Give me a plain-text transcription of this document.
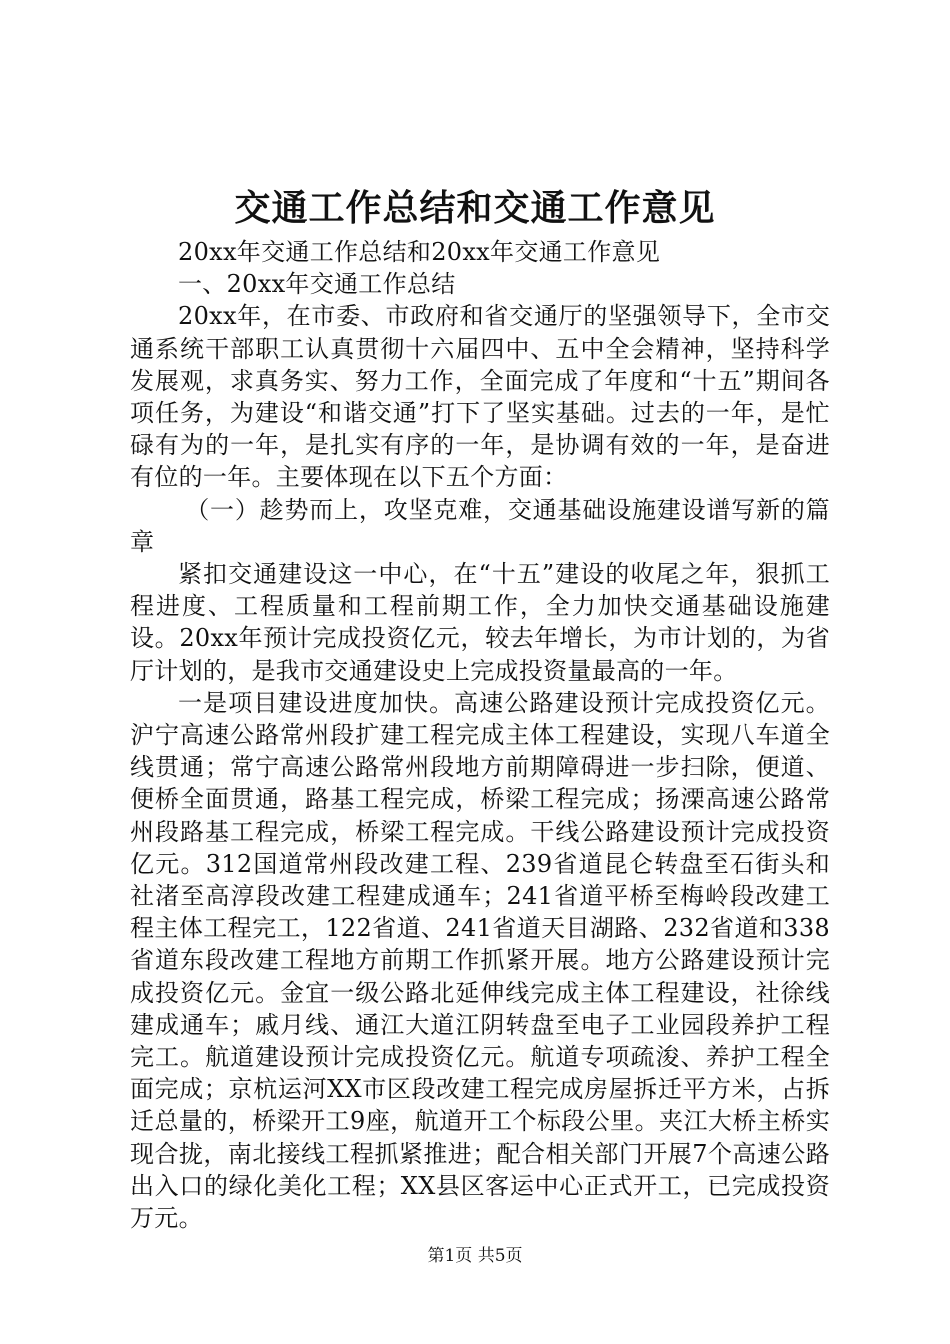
交通工作总结和交通工作意见

20xx年交通工作总结和20xx年交通工作意见

一、20xx年交通工作总结

20xx年，在市委、市政府和省交通厅的坚强领导下，全市交通系统干部职工认真贯彻十六届四中、五中全会精神，坚持科学发展观，求真务实、努力工作，全面完成了年度和“十五”期间各项任务，为建设“和谐交通”打下了坚实基础。过去的一年，是忙碌有为的一年，是扎实有序的一年，是协调有效的一年，是奋进有位的一年。主要体现在以下五个方面：

（一）趁势而上，攻坚克难，交通基础设施建设谱写新的篇章

紧扣交通建设这一中心，在“十五”建设的收尾之年，狠抓工程进度、工程质量和工程前期工作，全力加快交通基础设施建设。20xx年预计完成投资亿元，较去年增长，为市计划的，为省厅计划的，是我市交通建设史上完成投资量最高的一年。

一是项目建设进度加快。高速公路建设预计完成投资亿元。沪宁高速公路常州段扩建工程完成主体工程建设，实现八车道全线贯通；常宁高速公路常州段地方前期障碍进一步扫除，便道、便桥全面贯通，路基工程完成，桥梁工程完成；扬溧高速公路常州段路基工程完成，桥梁工程完成。干线公路建设预计完成投资亿元。312国道常州段改建工程、239省道昆仑转盘至石街头和社渚至高淳段改建工程建成通车；241省道平桥至梅岭段改建工程主体工程完工，122省道、241省道天目湖路、232省道和338省道东段改建工程地方前期工作抓紧开展。地方公路建设预计完成投资亿元。金宜一级公路北延伸线完成主体工程建设，社徐线建成通车；戚月线、通江大道江阴转盘至电子工业园段养护工程完工。航道建设预计完成投资亿元。航道专项疏浚、养护工程全面完成；京杭运河XX市区段改建工程完成房屋拆迁平方米，占拆迁总量的，桥梁开工9座，航道开工个标段公里。夹江大桥主桥实现合拢，南北接线工程抓紧推进；配合相关部门开展7个高速公路出入口的绿化美化工程；XX县区客运中心正式开工，已完成投资万元。

第1页 共5页
